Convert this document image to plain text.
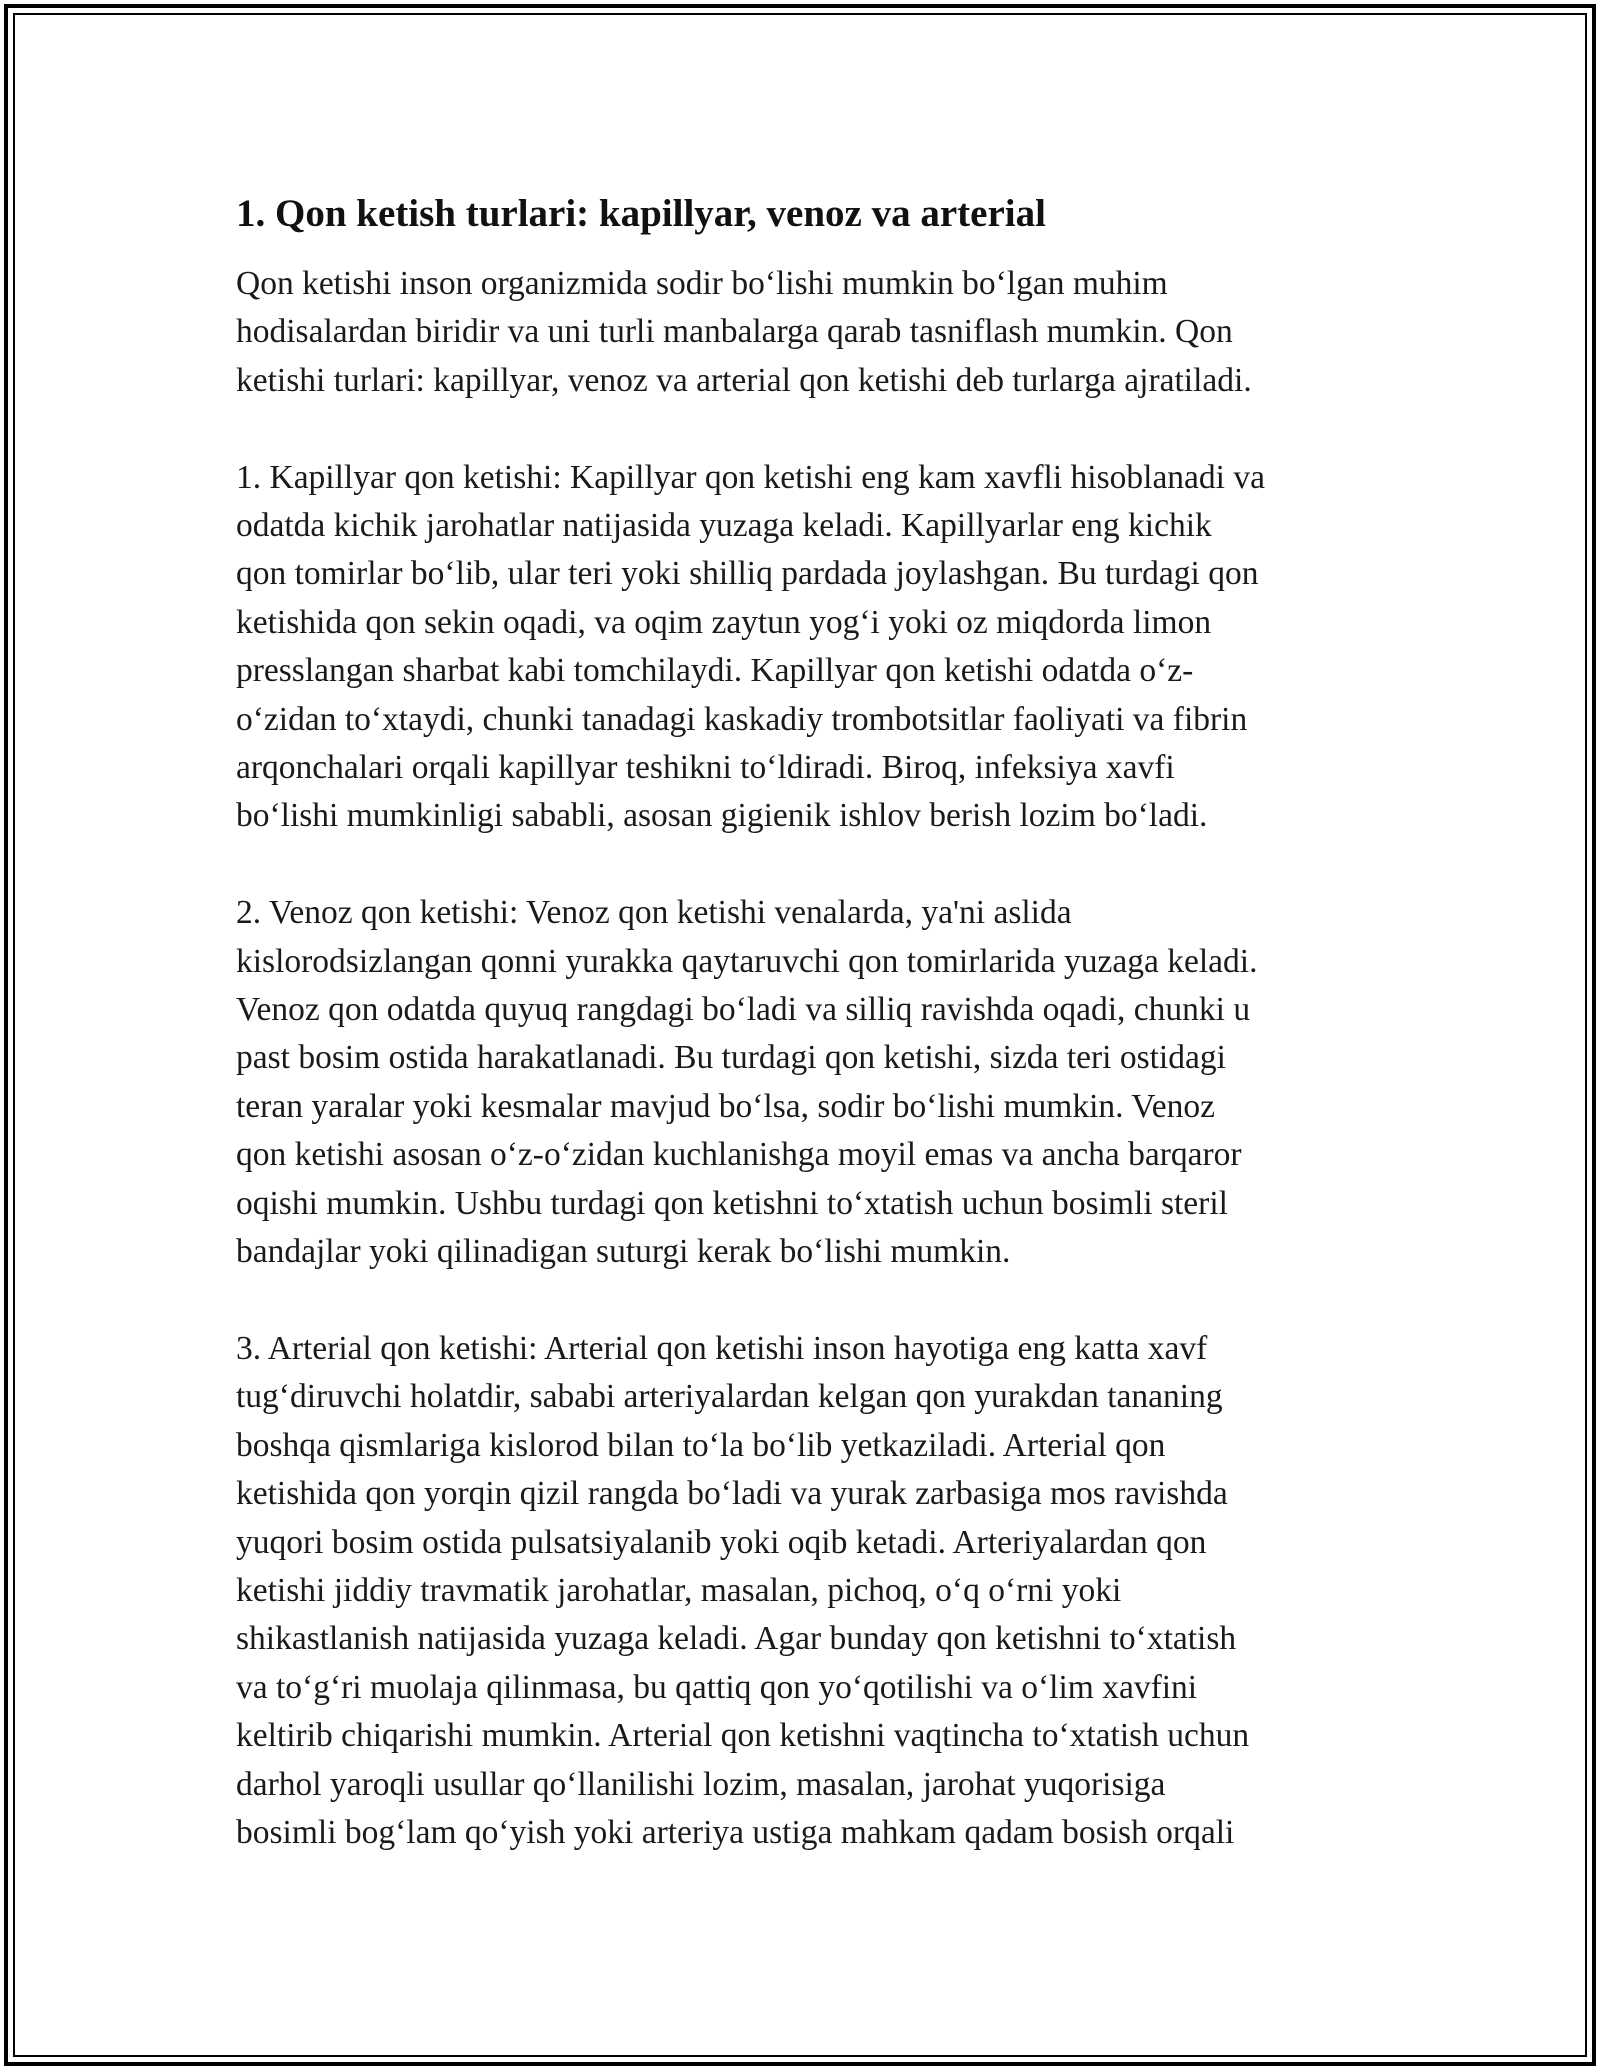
1. Qon ketish turlari: kapillyar, venoz va arterial

Qon ketishi inson organizmida sodir bo‘lishi mumkin bo‘lgan muhim
hodisalardan biridir va uni turli manbalarga qarab tasniflash mumkin. Qon
ketishi turlari: kapillyar, venoz va arterial qon ketishi deb turlarga ajratiladi.

1. Kapillyar qon ketishi: Kapillyar qon ketishi eng kam xavfli hisoblanadi va
odatda kichik jarohatlar natijasida yuzaga keladi. Kapillyarlar eng kichik
qon tomirlar bo‘lib, ular teri yoki shilliq pardada joylashgan. Bu turdagi qon
ketishida qon sekin oqadi, va oqim zaytun yog‘i yoki oz miqdorda limon
presslangan sharbat kabi tomchilaydi. Kapillyar qon ketishi odatda o‘z-
o‘zidan to‘xtaydi, chunki tanadagi kaskadiy trombotsitlar faoliyati va fibrin
arqonchalari orqali kapillyar teshikni to‘ldiradi. Biroq, infeksiya xavfi
bo‘lishi mumkinligi sababli, asosan gigienik ishlov berish lozim bo‘ladi.

2. Venoz qon ketishi: Venoz qon ketishi venalarda, ya'ni aslida
kislorodsizlangan qonni yurakka qaytaruvchi qon tomirlarida yuzaga keladi.
Venoz qon odatda quyuq rangdagi bo‘ladi va silliq ravishda oqadi, chunki u
past bosim ostida harakatlanadi. Bu turdagi qon ketishi, sizda teri ostidagi
teran yaralar yoki kesmalar mavjud bo‘lsa, sodir bo‘lishi mumkin. Venoz
qon ketishi asosan o‘z-o‘zidan kuchlanishga moyil emas va ancha barqaror
oqishi mumkin. Ushbu turdagi qon ketishni to‘xtatish uchun bosimli steril
bandajlar yoki qilinadigan suturgi kerak bo‘lishi mumkin.

3. Arterial qon ketishi: Arterial qon ketishi inson hayotiga eng katta xavf
tug‘diruvchi holatdir, sababi arteriyalardan kelgan qon yurakdan tananing
boshqa qismlariga kislorod bilan to‘la bo‘lib yetkaziladi. Arterial qon
ketishida qon yorqin qizil rangda bo‘ladi va yurak zarbasiga mos ravishda
yuqori bosim ostida pulsatsiyalanib yoki oqib ketadi. Arteriyalardan qon
ketishi jiddiy travmatik jarohatlar, masalan, pichoq, o‘q o‘rni yoki
shikastlanish natijasida yuzaga keladi. Agar bunday qon ketishni to‘xtatish
va to‘g‘ri muolaja qilinmasa, bu qattiq qon yo‘qotilishi va o‘lim xavfini
keltirib chiqarishi mumkin. Arterial qon ketishni vaqtincha to‘xtatish uchun
darhol yaroqli usullar qo‘llanilishi lozim, masalan, jarohat yuqorisiga
bosimli bog‘lam qo‘yish yoki arteriya ustiga mahkam qadam bosish orqali
